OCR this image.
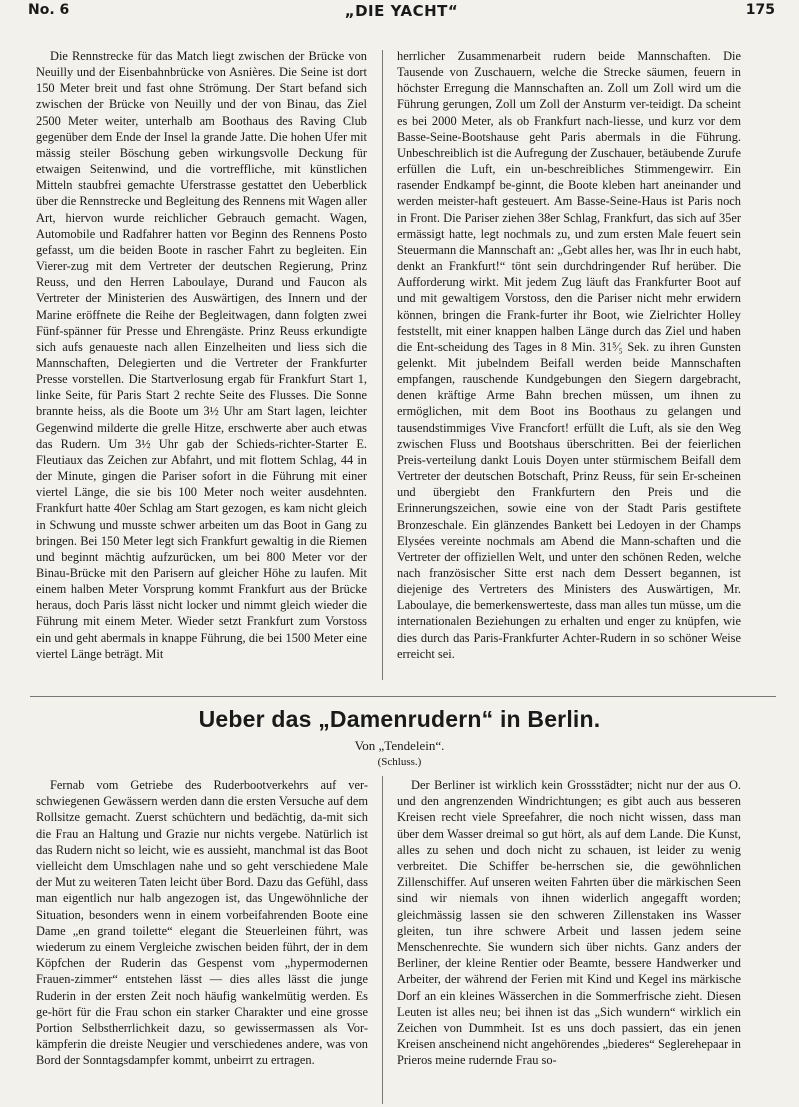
No. 6	„DIE YACHT“	175

Die Rennstrecke für das Match liegt zwischen der Brücke von Neuilly und der Eisenbahnbrücke von Asnières. Die Seine ist dort 150 Meter breit und fast ohne Strömung. Der Start befand sich zwischen der Brücke von Neuilly und der von Binau, das Ziel 2500 Meter weiter, unterhalb am Boothaus des Raving Club gegenüber dem Ende der Insel la grande Jatte. Die hohen Ufer mit mässig steiler Böschung geben wirkungsvolle Deckung für etwaigen Seitenwind, und die vortreffliche, mit künstlichen Mitteln staubfrei gemachte Uferstrasse gestattet den Ueberblick über die Rennstrecke und Begleitung des Rennens mit Wagen aller Art, hiervon wurde reichlicher Gebrauch gemacht. Wagen, Automobile und Radfahrer hatten vor Beginn des Rennens Posto gefasst, um die beiden Boote in rascher Fahrt zu begleiten. Ein Vierer-zug mit dem Vertreter der deutschen Regierung, Prinz Reuss, und den Herren Laboulaye, Durand und Faucon als Vertreter der Ministerien des Auswärtigen, des Innern und der Marine eröffnete die Reihe der Begleitwagen, dann folgten zwei Fünf-spänner für Presse und Ehrengäste. Prinz Reuss erkundigte sich aufs genaueste nach allen Einzelheiten und liess sich die Mannschaften, Delegierten und die Vertreter der Frankfurter Presse vorstellen. Die Startverlosung ergab für Frankfurt Start 1, linke Seite, für Paris Start 2 rechte Seite des Flusses. Die Sonne brannte heiss, als die Boote um 3½ Uhr am Start lagen, leichter Gegenwind milderte die grelle Hitze, erschwerte aber auch etwas das Rudern. Um 3½ Uhr gab der Schieds-richter-Starter E. Fleutiaux das Zeichen zur Abfahrt, und mit flottem Schlag, 44 in der Minute, gingen die Pariser sofort in die Führung mit einer viertel Länge, die sie bis 100 Meter noch weiter ausdehnten. Frankfurt hatte 40er Schlag am Start gezogen, es kam nicht gleich in Schwung und musste schwer arbeiten um das Boot in Gang zu bringen. Bei 150 Meter legt sich Frankfurt gewaltig in die Riemen und beginnt mächtig aufzurücken, um bei 800 Meter vor der Binau-Brücke mit den Parisern auf gleicher Höhe zu laufen. Mit einem halben Meter Vorsprung kommt Frankfurt aus der Brücke heraus, doch Paris lässt nicht locker und nimmt gleich wieder die Führung mit einem Meter. Wieder setzt Frankfurt zum Vorstoss ein und geht abermals in knappe Führung, die bei 1500 Meter eine viertel Länge beträgt. Mit

herrlicher Zusammenarbeit rudern beide Mannschaften. Die Tausende von Zuschauern, welche die Strecke säumen, feuern in höchster Erregung die Mannschaften an. Zoll um Zoll wird um die Führung gerungen, Zoll um Zoll der Ansturm ver-teidigt. Da scheint es bei 2000 Meter, als ob Frankfurt nach-liesse, und kurz vor dem Basse-Seine-Bootshause geht Paris abermals in die Führung. Unbeschreiblich ist die Aufregung der Zuschauer, betäubende Zurufe erfüllen die Luft, ein un-beschreibliches Stimmengewirr. Ein rasender Endkampf be-ginnt, die Boote kleben hart aneinander und werden meister-haft gesteuert. Am Basse-Seine-Haus ist Paris noch in Front. Die Pariser ziehen 38er Schlag, Frankfurt, das sich auf 35er ermässigt hatte, legt nochmals zu, und zum ersten Male feuert sein Steuermann die Mannschaft an: „Gebt alles her, was Ihr in euch habt, denkt an Frankfurt!“ tönt sein durchdringender Ruf herüber. Die Aufforderung wirkt. Mit jedem Zug läuft das Frankfurter Boot auf und mit gewaltigem Vorstoss, den die Pariser nicht mehr erwidern können, bringen die Frank-furter ihr Boot, wie Zielrichter Holley feststellt, mit einer knappen halben Länge durch das Ziel und haben die Ent-scheidung des Tages in 8 Min. 31⁵⁄₅ Sek. zu ihren Gunsten gelenkt. Mit jubelndem Beifall werden beide Mannschaften empfangen, rauschende Kundgebungen den Siegern dargebracht, denen kräftige Arme Bahn brechen müssen, um ihnen zu ermöglichen, mit dem Boot ins Boothaus zu gelangen und tausendstimmiges Vive Francfort! erfüllt die Luft, als sie den Weg zwischen Fluss und Bootshaus überschritten. Bei der feierlichen Preis-verteilung dankt Louis Doyen unter stürmischem Beifall dem Vertreter der deutschen Botschaft, Prinz Reuss, für sein Er-scheinen und übergiebt den Frankfurtern den Preis und die Erinnerungszeichen, sowie eine von der Stadt Paris gestiftete Bronzeschale. Ein glänzendes Bankett bei Ledoyen in der Champs Elysées vereinte nochmals am Abend die Mann-schaften und die Vertreter der offiziellen Welt, und unter den schönen Reden, welche nach französischer Sitte erst nach dem Dessert begannen, ist diejenige des Vertreters des Ministers des Auswärtigen, Mr. Laboulaye, die bemerkenswerteste, dass man alles tun müsse, um die internationalen Beziehungen zu erhalten und enger zu knüpfen, wie dies durch das Paris-Frankfurter Achter-Rudern in so schöner Weise erreicht sei.

Ueber das „Damenrudern“ in Berlin.
Von „Tendelein“.
(Schluss.)

Fernab vom Getriebe des Ruderbootverkehrs auf ver-schwiegenen Gewässern werden dann die ersten Versuche auf dem Rollsitze gemacht. Zuerst schüchtern und bedächtig, da-mit sich die Frau an Haltung und Grazie nur nichts vergebe. Natürlich ist das Rudern nicht so leicht, wie es aussieht, manchmal ist das Boot vielleicht dem Umschlagen nahe und so geht verschiedene Male der Mut zu weiteren Taten leicht über Bord. Dazu das Gefühl, dass man eigentlich nur halb angezogen ist, das Ungewöhnliche der Situation, besonders wenn in einem vorbeifahrenden Boote eine Dame „en grand toilette“ elegant die Steuerleinen führt, was wiederum zu einem Vergleiche zwischen beiden führt, der in dem Köpfchen der Ruderin das Gespenst vom „hypermodernen Frauen-zimmer“ entstehen lässt — dies alles lässt die junge Ruderin in der ersten Zeit noch häufig wankelmütig werden. Es ge-hört für die Frau schon ein starker Charakter und eine grosse Portion Selbstherrlichkeit dazu, so gewissermassen als Vor-kämpferin die dreiste Neugier und verschiedenes andere, was von Bord der Sonntagsdampfer kommt, unbeirrt zu ertragen.

Der Berliner ist wirklich kein Grossstädter; nicht nur der aus O. und den angrenzenden Windrichtungen; es gibt auch aus besseren Kreisen recht viele Spreefahrer, die noch nicht wissen, dass man über dem Wasser dreimal so gut hört, als auf dem Lande. Die Kunst, alles zu sehen und doch nicht zu schauen, ist leider zu wenig verbreitet. Die Schiffer be-herrschen sie, die gewöhnlichen Zillenschiffer. Auf unseren weiten Fahrten über die märkischen Seen sind wir niemals von ihnen widerlich angegafft worden; gleichmässig lassen sie den schweren Zillenstaken ins Wasser gleiten, tun ihre schwere Arbeit und lassen jedem seine Menschenrechte. Sie wundern sich über nichts. Ganz anders der Berliner, der kleine Rentier oder Beamte, bessere Handwerker und Arbeiter, der während der Ferien mit Kind und Kegel ins märkische Dorf an ein kleines Wässerchen in die Sommerfrische zieht. Diesen Leuten ist alles neu; bei ihnen ist das „Sich wundern“ wirklich ein Zeichen von Dummheit. Ist es uns doch passiert, das ein jenen Kreisen anscheinend nicht angehörendes „biederes“ Seglerehepaar in Prieros meine rudernde Frau so-
